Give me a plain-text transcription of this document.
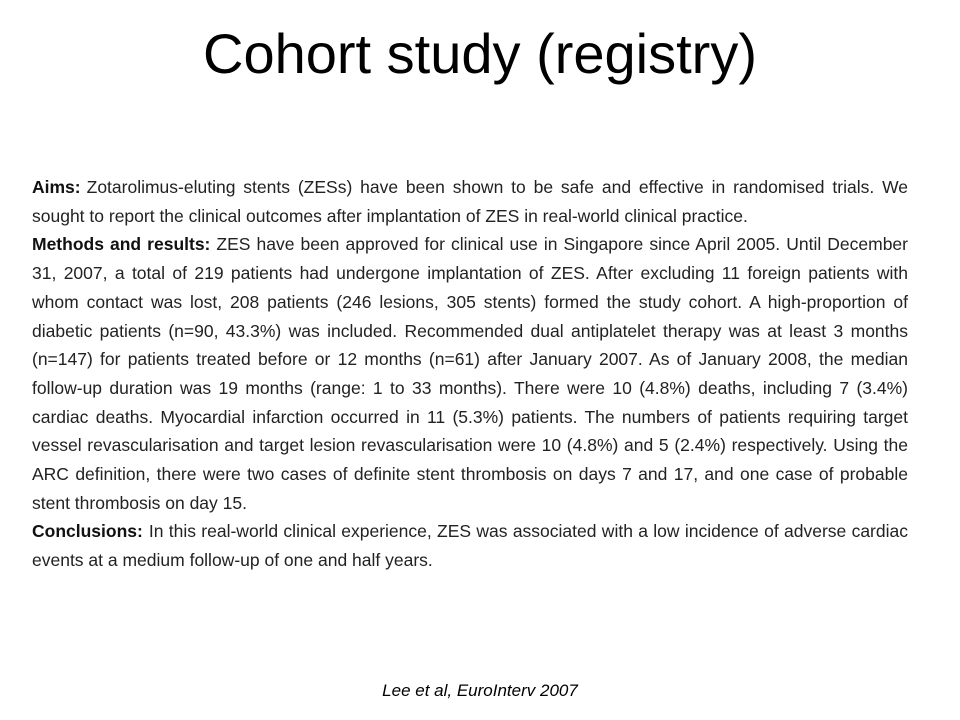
Cohort study (registry)

Aims: Zotarolimus-eluting stents (ZESs) have been shown to be safe and effective in randomised trials. We sought to report the clinical outcomes after implantation of ZES in real-world clinical practice.

Methods and results: ZES have been approved for clinical use in Singapore since April 2005. Until December 31, 2007, a total of 219 patients had undergone implantation of ZES. After excluding 11 foreign patients with whom contact was lost, 208 patients (246 lesions, 305 stents) formed the study cohort. A high-proportion of diabetic patients (n=90, 43.3%) was included. Recommended dual antiplatelet therapy was at least 3 months (n=147) for patients treated before or 12 months (n=61) after January 2007. As of January 2008, the median follow-up duration was 19 months (range: 1 to 33 months). There were 10 (4.8%) deaths, including 7 (3.4%) cardiac deaths. Myocardial infarction occurred in 11 (5.3%) patients. The numbers of patients requiring target vessel revascularisation and target lesion revascularisation were 10 (4.8%) and 5 (2.4%) respectively. Using the ARC definition, there were two cases of definite stent thrombosis on days 7 and 17, and one case of probable stent thrombosis on day 15.

Conclusions: In this real-world clinical experience, ZES was associated with a low incidence of adverse cardiac events at a medium follow-up of one and half years.

Lee et al, EuroInterv 2007
